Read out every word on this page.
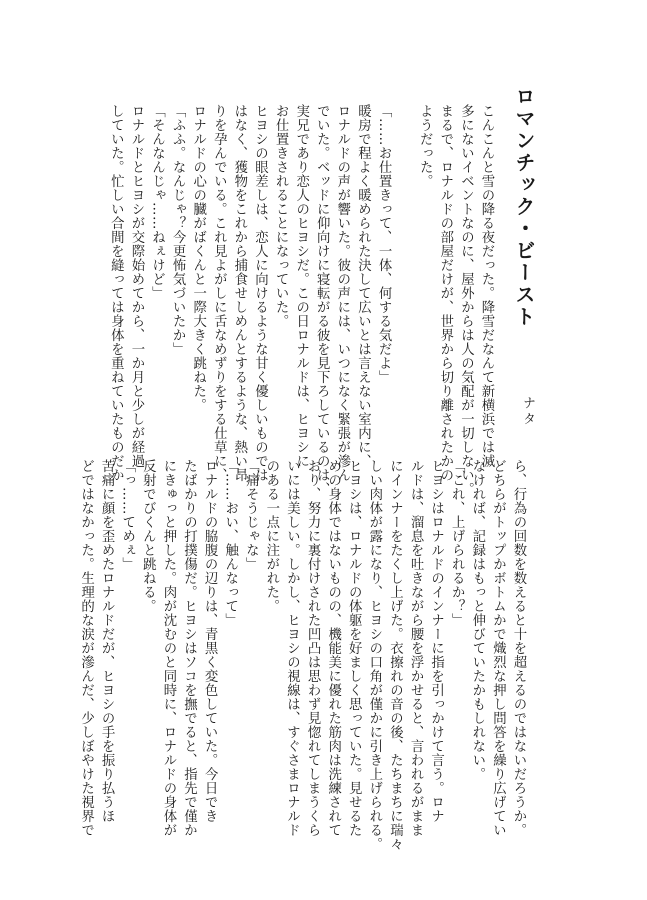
ロマンチック・ビースト
ナタ
こんこんと雪の降る夜だった。降雪だなんて新横浜では滅
多にないイベントなのに、屋外からは人の気配が一切しない。
まるで、ロナルドの部屋だけが、世界から切り離されたかの
ようだった。

「……お仕置きって、一体、何する気だよ」
暖房で程よく暖められた決して広いとは言えない室内に、
ロナルドの声が響いた。彼の声には、いつになく緊張が滲ん
でいた。ベッドに仰向けに寝転がる彼を見下ろしているのは、
実兄であり恋人のヒヨシだ。この日ロナルドは、ヒヨシに
お仕置きされることになっていた。
ヒヨシの眼差しは、恋人に向けるような甘く優しいものでは
はなく、獲物をこれから捕食せしめんとするような、熱い昂
りを孕んでいる。これ見よがしに舌なめずりをする仕草に、
ロナルドの心の臓がばくんと一際大きく跳ねた。
「ふふ。なんじゃ？今更怖気づいたか」
「そんなんじゃ……ねぇけど」
ロナルドとヒヨシが交際始めてから、一か月と少しが経過
していた。忙しい合間を縫っては身体を重ねていたものだか
ら、行為の回数を数えると十を超えるのではないだろうか。
どちらがトップかボトムかで熾烈な押し問答を繰り広げてい
なければ、記録はもっと伸びていたかもしれない。
「これ、上げられるか？」
ヒヨシはロナルドのインナーに指を引っかけて言う。ロナ
ルドは、溜息を吐きながら腰を浮かせると、言われるがまま
にインナーをたくし上げた。衣擦れの音の後、たちまちに瑞々
しい肉体が露になり、ヒヨシの口角が僅かに引き上げられる。
ヒヨシは、ロナルドの体躯を好ましく思っていた。見せるた
めの身体ではないものの、機能美に優れた筋肉は洗練されて
おり、努力に裏付けされた凹凸は思わず見惚れてしまうくら
いには美しい。しかし、ヒヨシの視線は、すぐさまロナルド
のある一点に注がれた。
「痛そうじゃな」
「……おい、触んなって」
ロナルドの脇腹の辺りは、青黒く変色していた。今日でき
たばかりの打撲傷だ。ヒヨシはソコを撫でると、指先で僅か
にきゅっと押した。肉が沈むのと同時に、ロナルドの身体が
反射でびくんと跳ねる。
「っ……てめぇ」
苦痛に顔を歪めたロナルドだが、ヒヨシの手を振り払うほ
どではなかった。生理的な涙が滲んだ、少しぼやけた視界で
